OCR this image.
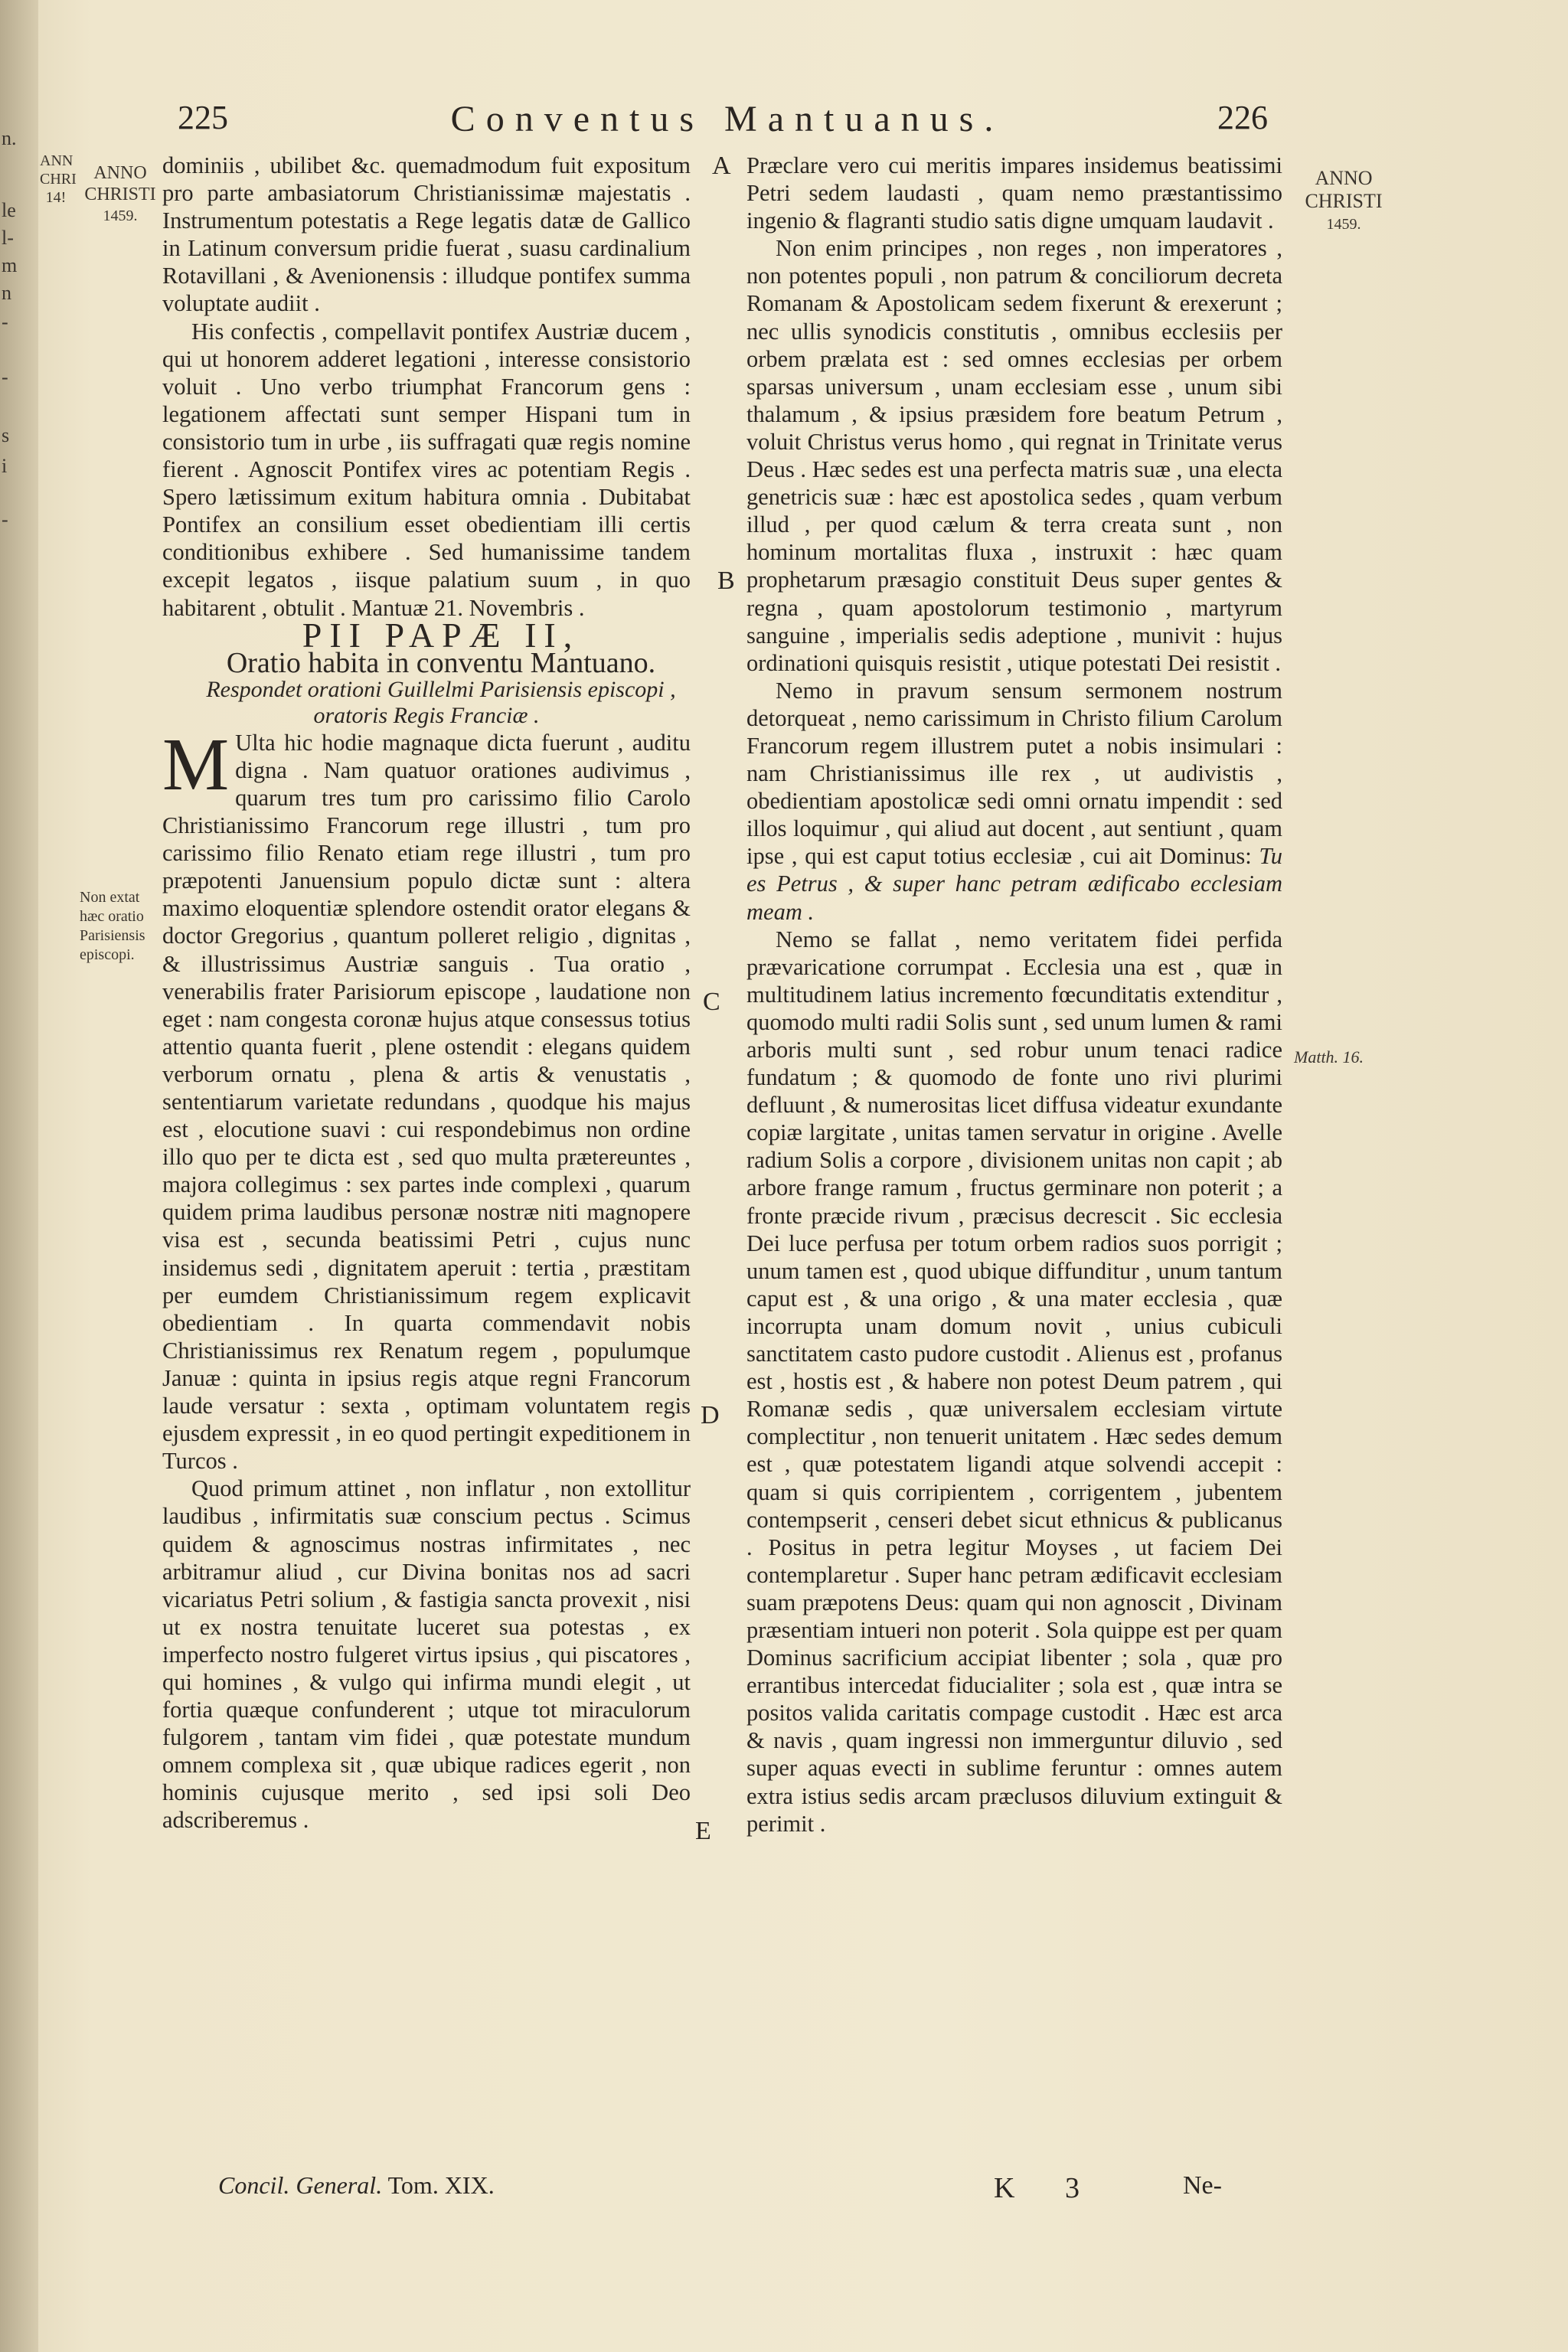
n.
le
l-
m
n
-
-
s
i
-
225	Conventus Mantuanus.	226
ANN
CHRI
14!
ANNO
CHRISTI
1459.
ANNO
CHRISTI
1459.
Non extat
hæc oratio
Parisiensis
episcopi.
Matth. 16.
A
B
C
D
E

dominiis , ubilibet &c. quemadmodum fuit expositum pro parte ambasiatorum Christianissimæ majestatis . Instrumentum potestatis a Rege legatis datæ de Gallico in Latinum conversum pridie fuerat , suasu cardinalium Rotavillani , & Avenionensis : illudque pontifex summa voluptate audiit .

His confectis , compellavit pontifex Austriæ ducem , qui ut honorem adderet legationi , interesse consistorio voluit . Uno verbo triumphat Francorum gens : legationem affectati sunt semper Hispani tum in consistorio tum in urbe , iis suffragati quæ regis nomine fierent . Agnoscit Pontifex vires ac potentiam Regis . Spero lætissimum exitum habitura omnia . Dubitabat Pontifex an consilium esset obedientiam illi certis conditionibus exhibere . Sed humanissime tandem excepit legatos , iisque palatium suum , in quo habitarent , obtulit . Mantuæ 21. Novembris .

PII PAPÆ II,

Oratio habita in conventu Mantuano.

Respondet orationi Guillelmi Parisiensis episcopi , oratoris Regis Franciæ .

M Ulta hic hodie magnaque dicta fuerunt , auditu digna . Nam quatuor orationes audivimus , quarum tres tum pro carissimo filio Carolo Christianissimo Francorum rege illustri , tum pro carissimo filio Renato etiam rege illustri , tum pro præpotenti Januensium populo dictæ sunt : altera maximo eloquentiæ splendore ostendit orator elegans & doctor Gregorius , quantum polleret religio , dignitas , & illustrissimus Austriæ sanguis . Tua oratio , venerabilis frater Parisiorum episcope , laudatione non eget : nam congesta coronæ hujus atque consessus totius attentio quanta fuerit , plene ostendit : elegans quidem verborum ornatu , plena & artis & venustatis , sententiarum varietate redundans , quodque his majus est , elocutione suavi : cui respondebimus non ordine illo quo per te dicta est , sed quo multa prætereuntes , majora collegimus : sex partes inde complexi , quarum quidem prima laudibus personæ nostræ niti magnopere visa est , secunda beatissimi Petri , cujus nunc insidemus sedi , dignitatem aperuit : tertia , præstitam per eumdem Christianissimum regem explicavit obedientiam . In quarta commendavit nobis Christianissimus rex Renatum regem , populumque Januæ : quinta in ipsius regis atque regni Francorum laude versatur : sexta , optimam voluntatem regis ejusdem expressit , in eo quod pertingit expeditionem in Turcos .

Quod primum attinet , non inflatur , non extollitur laudibus , infirmitatis suæ conscium pectus . Scimus quidem & agnoscimus nostras infirmitates , nec arbitramur aliud , cur Divina bonitas nos ad sacri vicariatus Petri solium , & fastigia sancta provexit , nisi ut ex nostra tenuitate luceret sua potestas , ex imperfecto nostro fulgeret virtus ipsius , qui piscatores , qui homines , & vulgo qui infirma mundi elegit , ut fortia quæque confunderent ; utque tot miraculorum fulgorem , tantam vim fidei , quæ potestate mundum omnem complexa sit , quæ ubique radices egerit , non hominis cujusque merito , sed ipsi soli Deo adscriberemus .

Præclare vero cui meritis impares insidemus beatissimi Petri sedem laudasti , quam nemo præstantissimo ingenio & flagranti studio satis digne umquam laudavit .

Non enim principes , non reges , non imperatores , non potentes populi , non patrum & conciliorum decreta Romanam & Apostolicam sedem fixerunt & erexerunt ; nec ullis synodicis constitutis , omnibus ecclesiis per orbem prælata est : sed omnes ecclesias per orbem sparsas universum , unam ecclesiam esse , unum sibi thalamum , & ipsius præsidem fore beatum Petrum , voluit Christus verus homo , qui regnat in Trinitate verus Deus . Hæc sedes est una perfecta matris suæ , una electa genetricis suæ : hæc est apostolica sedes , quam verbum illud , per quod cælum & terra creata sunt , non hominum mortalitas fluxa , instruxit : hæc quam prophetarum præsagio constituit Deus super gentes & regna , quam apostolorum testimonio , martyrum sanguine , imperialis sedis adeptione , munivit : hujus ordinationi quisquis resistit , utique potestati Dei resistit .

Nemo in pravum sensum sermonem nostrum detorqueat , nemo carissimum in Christo filium Carolum Francorum regem illustrem putet a nobis insimulari : nam Christianissimus ille rex , ut audivistis , obedientiam apostolicæ sedi omni ornatu impendit : sed illos loquimur , qui aliud aut docent , aut sentiunt , quam ipse , qui est caput totius ecclesiæ , cui ait Dominus: Tu es Petrus , & super hanc petram ædificabo ecclesiam meam .

Nemo se fallat , nemo veritatem fidei perfida prævaricatione corrumpat . Ecclesia una est , quæ in multitudinem latius incremento fœcunditatis extenditur , quomodo multi radii Solis sunt , sed unum lumen & rami arboris multi sunt , sed robur unum tenaci radice fundatum ; & quomodo de fonte uno rivi plurimi defluunt , & numerositas licet diffusa videatur exundante copiæ largitate , unitas tamen servatur in origine . Avelle radium Solis a corpore , divisionem unitas non capit ; ab arbore frange ramum , fructus germinare non poterit ; a fronte præcide rivum , præcisus decrescit . Sic ecclesia Dei luce perfusa per totum orbem radios suos porrigit ; unum tamen est , quod ubique diffunditur , unum tantum caput est , & una origo , & una mater ecclesia , quæ incorrupta unam domum novit , unius cubiculi sanctitatem casto pudore custodit . Alienus est , profanus est , hostis est , & habere non potest Deum patrem , qui Romanæ sedis , quæ universalem ecclesiam virtute complectitur , non tenuerit unitatem . Hæc sedes demum est , quæ potestatem ligandi atque solvendi accepit : quam si quis corripientem , corrigentem , jubentem contempserit , censeri debet sicut ethnicus & publicanus . Positus in petra legitur Moyses , ut faciem Dei contemplaretur . Super hanc petram ædificavit ecclesiam suam præpotens Deus: quam qui non agnoscit , Divinam præsentiam intueri non poterit . Sola quippe est per quam Dominus sacrificium accipiat libenter ; sola , quæ pro errantibus intercedat fiducialiter ; sola est , quæ intra se positos valida caritatis compage custodit . Hæc est arca & navis , quam ingressi non immerguntur diluvio , sed super aquas evecti in sublime feruntur : omnes autem extra istius sedis arcam præclusos diluvium extinguit & perimit .

Concil. General. Tom. XIX.	K 3	Ne-
